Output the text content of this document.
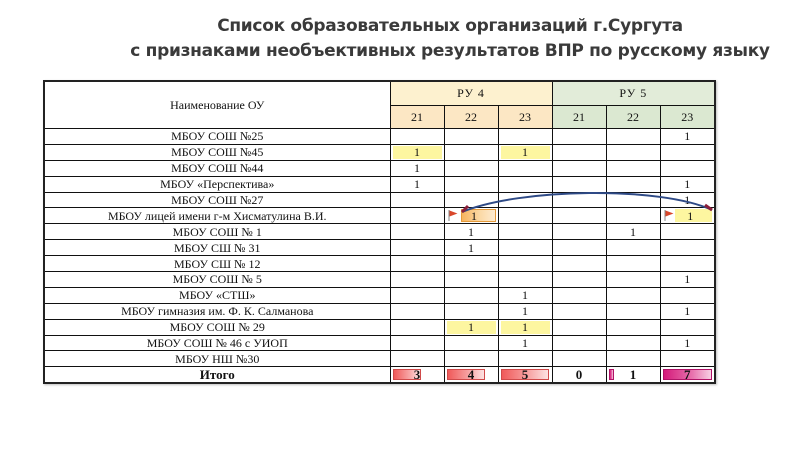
Список образовательных организаций г.Сургута
с признаками необъективных результатов ВПР по русскому языку
Наименование ОУ	РУ 4			РУ 5		
	21	22	23	21	22	23
МБОУ СОШ №25						1
МБОУ СОШ №45	1		1			
МБОУ СОШ №44	1					
МБОУ «Перспектива»	1					1
МБОУ СОШ №27						1
МБОУ лицей имени г-м Хисматулина В.И.		1				1
МБОУ СОШ № 1		1			1	
МБОУ СШ № 31		1				
МБОУ СШ № 12						
МБОУ СОШ № 5						1
МБОУ «СТШ»			1			
МБОУ гимназия им. Ф. К. Салманова			1			1
МБОУ СОШ № 29		1	1			
МБОУ СОШ № 46 с УИОП			1			1
МБОУ НШ №30						
Итого	3	4	5	0	1	7
